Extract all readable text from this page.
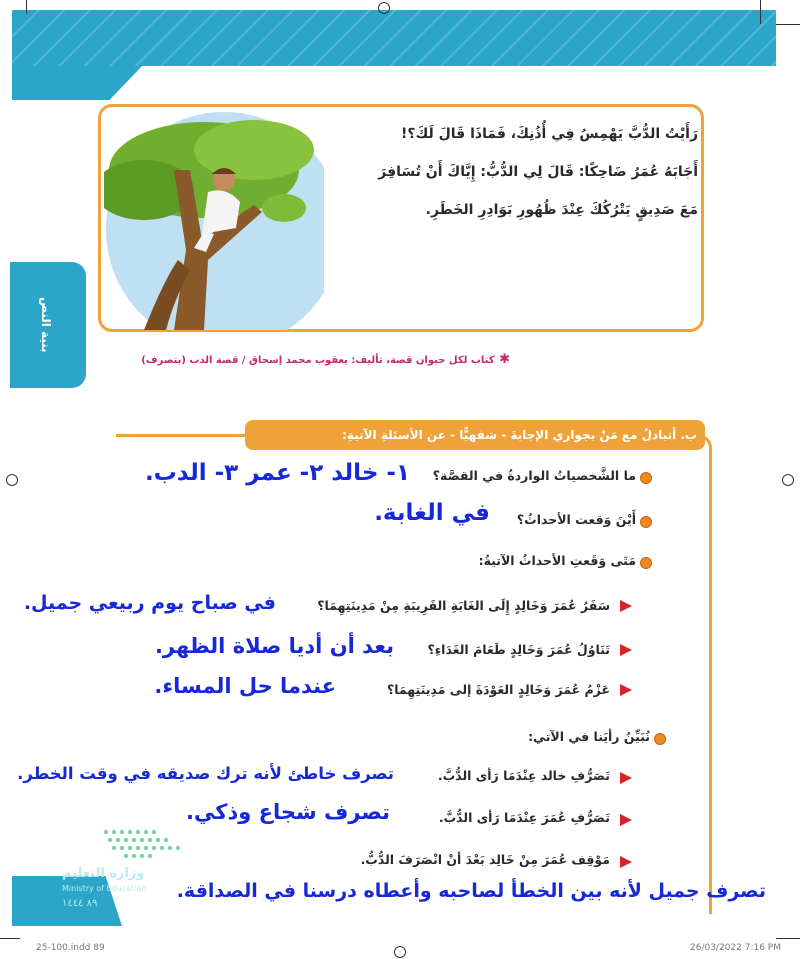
رَأَيْتُ الدُّبَّ يَهْمِسُ فِي أُذُنِكَ، فَمَاذَا قَالَ لَكَ؟!
أَجَابَهُ عُمَرُ ضَاحِكًا: قَالَ لِي الدُّبُّ: إِيَّاكَ أَنْ تُسَافِرَ
مَعَ صَدِيقٍ يَتْرُكُكَ عِنْدَ ظُهُورِ بَوَادِرِ الخَطَرِ.
بنية النص
✱ كتاب لكل حيوان قصة، تأليف: يعقوب محمد إسحاق / قصة الدب (بتصرف)
ب. أتبادلُ مع مَنْ بجواري الإجابةَ - شفهيًّا - عن الأسئلةِ الآتيةِ:
ما الشَّخصياتُ الواردةُ في القصَّة؟
١- خالد ٢- عمر ٣- الدب.
أَيْنَ وَقعت الأحداثُ؟
في الغابة.
مَتَى وَقَعتِ الأحداثُ الآتيةُ:
سَفَرُ عُمَرَ وَخَالِدٍ إِلَى الغَابَةِ القَرِيبَةِ مِنْ مَدِينَتِهِمَا؟
في صباح يوم ربيعي جميل.
تَنَاوُلُ عُمَرَ وَخَالِدٍ طَعَامَ الغَدَاءِ؟
بعد أن أديا صلاة الظهر.
عَزْمُ عُمَرَ وَخَالِدٍ العَوْدَةَ إلى مَدِينَتِهِمَا؟
عندما حل المساء.
نُبَيِّنُ رأيَنا في الآتي:
تَصَرُّفِ خالد عِنْدَمَا رَأى الدُّبَّ.
تصرف خاطئ لأنه ترك صديقه في وقت الخطر.
تَصَرُّفِ عُمَرَ عِنْدَمَا رَأى الدُّبَّ.
تصرف شجاع وذكي.
مَوْقِف عُمَرَ مِنْ خَالِد بَعْدَ أنْ انْصَرَفَ الدُّبُّ.
وزارة التعليم
Ministry of Education
٨٩ ١٤٤٤
تصرف جميل لأنه بين الخطأ لصاحبه وأعطاه درسنا في الصداقة.
25-100.indd 89	26/03/2022 7:16 PM
